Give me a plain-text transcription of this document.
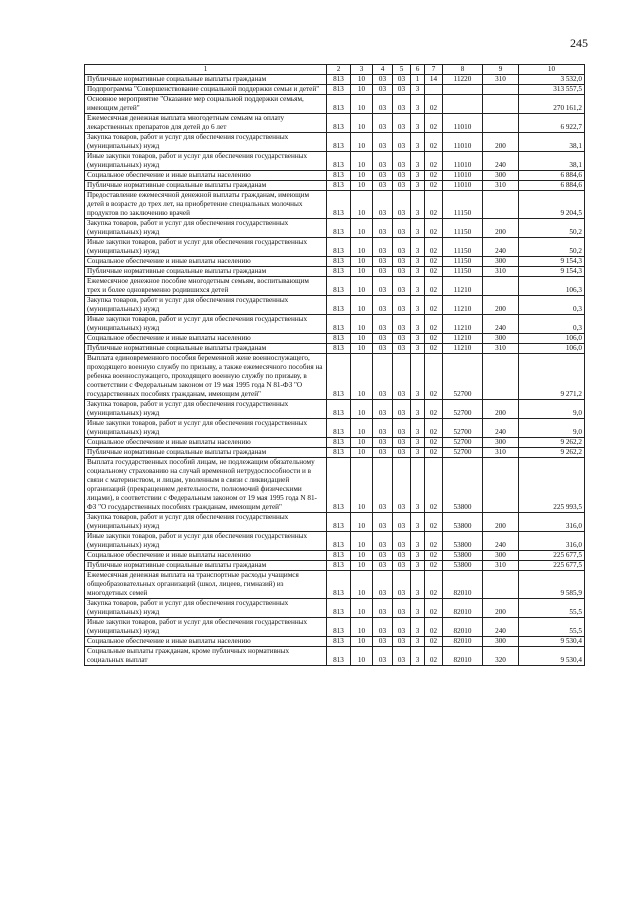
245
1	2	3	4	5	6	7	8	9	10
Публичные нормативные социальные выплаты гражданам	813	10	03	03	1	14	11220	310	3 532,0
Подпрограмма "Совершенствование социальной поддержки семьи и детей"	813	10	03	03	3				313 557,5
Основное мероприятие "Оказание мер социальной поддержки семьям, имеющим детей"	813	10	03	03	3	02			270 161,2
Ежемесячная денежная выплата многодетным семьям на оплату лекарственных препаратов для детей до 6 лет	813	10	03	03	3	02	11010		6 922,7
Закупка товаров, работ и услуг для обеспечения государственных (муниципальных) нужд	813	10	03	03	3	02	11010	200	38,1
Иные закупки товаров, работ и услуг для обеспечения государственных (муниципальных) нужд	813	10	03	03	3	02	11010	240	38,1
Социальное обеспечение и иные выплаты населению	813	10	03	03	3	02	11010	300	6 884,6
Публичные нормативные социальные выплаты гражданам	813	10	03	03	3	02	11010	310	6 884,6
Предоставление ежемесячной денежной выплаты гражданам, имеющим детей в возрасте до трех лет, на приобретение специальных молочных продуктов по заключению врачей	813	10	03	03	3	02	11150		9 204,5
Закупка товаров, работ и услуг для обеспечения государственных (муниципальных) нужд	813	10	03	03	3	02	11150	200	50,2
Иные закупки товаров, работ и услуг для обеспечения государственных (муниципальных) нужд	813	10	03	03	3	02	11150	240	50,2
Социальное обеспечение и иные выплаты населению	813	10	03	03	3	02	11150	300	9 154,3
Публичные нормативные социальные выплаты гражданам	813	10	03	03	3	02	11150	310	9 154,3
Ежемесячное денежное пособие многодетным семьям, воспитывающим трех и более одновременно родившихся детей	813	10	03	03	3	02	11210		106,3
Закупка товаров, работ и услуг для обеспечения государственных (муниципальных) нужд	813	10	03	03	3	02	11210	200	0,3
Иные закупки товаров, работ и услуг для обеспечения государственных (муниципальных) нужд	813	10	03	03	3	02	11210	240	0,3
Социальное обеспечение и иные выплаты населению	813	10	03	03	3	02	11210	300	106,0
Публичные нормативные социальные выплаты гражданам	813	10	03	03	3	02	11210	310	106,0
Выплата единовременного пособия беременной жене военнослужащего, проходящего военную службу по призыву, а также ежемесячного пособия на ребенка военнослужащего, проходящего военную службу по призыву, в соответствии с Федеральным законом от 19 мая 1995 года N 81-ФЗ "О государственных пособиях гражданам, имеющим детей"	813	10	03	03	3	02	52700		9 271,2
Закупка товаров, работ и услуг для обеспечения государственных (муниципальных) нужд	813	10	03	03	3	02	52700	200	9,0
Иные закупки товаров, работ и услуг для обеспечения государственных (муниципальных) нужд	813	10	03	03	3	02	52700	240	9,0
Социальное обеспечение и иные выплаты населению	813	10	03	03	3	02	52700	300	9 262,2
Публичные нормативные социальные выплаты гражданам	813	10	03	03	3	02	52700	310	9 262,2
Выплата государственных пособий лицам, не подлежащим обязательному социальному страхованию на случай временной нетрудоспособности и в связи с материнством, и лицам, уволенным в связи с ликвидацией организаций (прекращением деятельности, полномочий физическими лицами), в соответствии с Федеральным законом от 19 мая 1995 года N 81-ФЗ "О государственных пособиях гражданам, имеющим детей"	813	10	03	03	3	02	53800		225 993,5
Закупка товаров, работ и услуг для обеспечения государственных (муниципальных) нужд	813	10	03	03	3	02	53800	200	316,0
Иные закупки товаров, работ и услуг для обеспечения государственных (муниципальных) нужд	813	10	03	03	3	02	53800	240	316,0
Социальное обеспечение и иные выплаты населению	813	10	03	03	3	02	53800	300	225 677,5
Публичные нормативные социальные выплаты гражданам	813	10	03	03	3	02	53800	310	225 677,5
Ежемесячная денежная выплата на транспортные расходы учащимся общеобразовательных организаций (школ, лицеев, гимназий) из многодетных семей	813	10	03	03	3	02	82010		9 585,9
Закупка товаров, работ и услуг для обеспечения государственных (муниципальных) нужд	813	10	03	03	3	02	82010	200	55,5
Иные закупки товаров, работ и услуг для обеспечения государственных (муниципальных) нужд	813	10	03	03	3	02	82010	240	55,5
Социальное обеспечение и иные выплаты населению	813	10	03	03	3	02	82010	300	9 530,4
Социальные выплаты гражданам, кроме публичных нормативных социальных выплат	813	10	03	03	3	02	82010	320	9 530,4
